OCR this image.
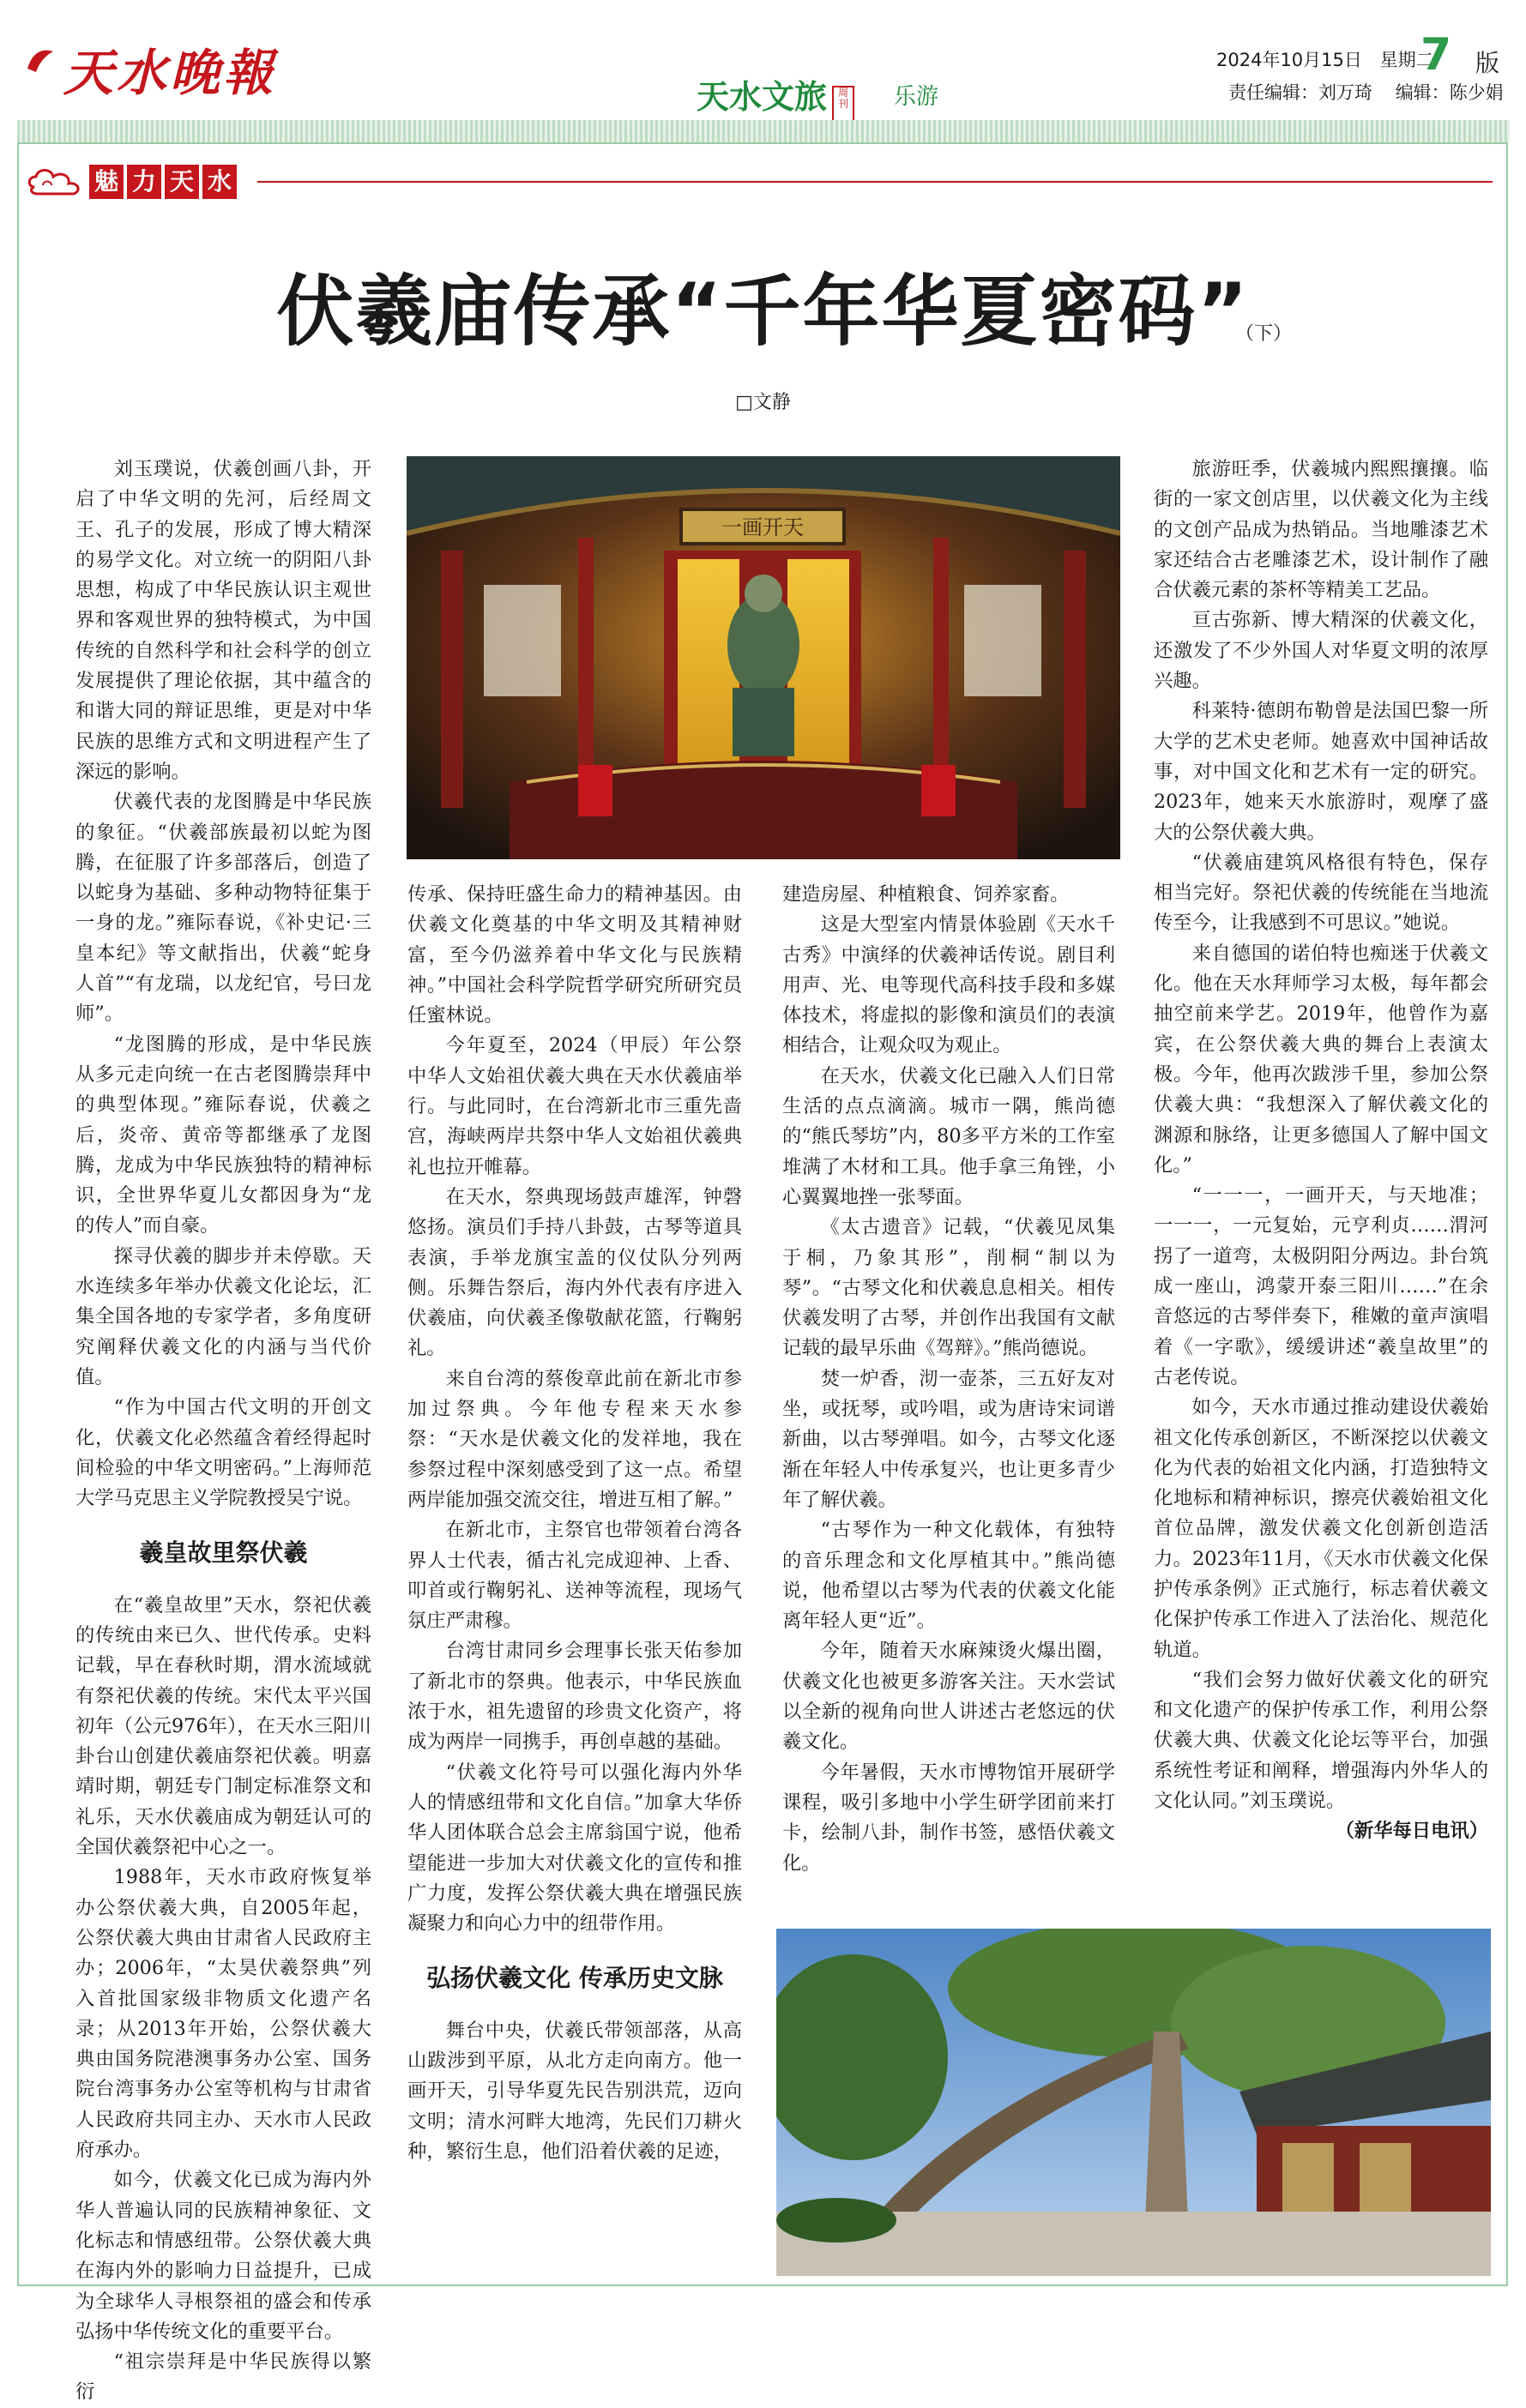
天水晚報	天水文旅 周刊 乐游
2024年10月15日 星期二
7 版
责任编辑：刘万琦 编辑：陈少娟
魅 力 天 水
伏羲庙传承“千年华夏密码”
（下）
□文静
一画开天

刘玉璞说，伏羲创画八卦，开启了中华文明的先河，后经周文王、孔子的发展，形成了博大精深的易学文化。对立统一的阴阳八卦思想，构成了中华民族认识主观世界和客观世界的独特模式，为中国传统的自然科学和社会科学的创立发展提供了理论依据，其中蕴含的和谐大同的辩证思维，更是对中华民族的思维方式和文明进程产生了深远的影响。

伏羲代表的龙图腾是中华民族的象征。“伏羲部族最初以蛇为图腾，在征服了许多部落后，创造了以蛇身为基础、多种动物特征集于一身的龙。”雍际春说，《补史记·三皇本纪》等文献指出，伏羲“蛇身人首”“有龙瑞，以龙纪官，号曰龙师”。

“龙图腾的形成，是中华民族从多元走向统一在古老图腾崇拜中的典型体现。”雍际春说，伏羲之后，炎帝、黄帝等都继承了龙图腾，龙成为中华民族独特的精神标识，全世界华夏儿女都因身为“龙的传人”而自豪。

探寻伏羲的脚步并未停歇。天水连续多年举办伏羲文化论坛，汇集全国各地的专家学者，多角度研究阐释伏羲文化的内涵与当代价值。

“作为中国古代文明的开创文化，伏羲文化必然蕴含着经得起时间检验的中华文明密码。”上海师范大学马克思主义学院教授吴宁说。

羲皇故里祭伏羲

在“羲皇故里”天水，祭祀伏羲的传统由来已久、世代传承。史料记载，早在春秋时期，渭水流域就有祭祀伏羲的传统。宋代太平兴国初年（公元976年），在天水三阳川卦台山创建伏羲庙祭祀伏羲。明嘉靖时期，朝廷专门制定标准祭文和礼乐，天水伏羲庙成为朝廷认可的全国伏羲祭祀中心之一。

1988年，天水市政府恢复举办公祭伏羲大典，自2005年起，公祭伏羲大典由甘肃省人民政府主办；2006年，“太昊伏羲祭典”列入首批国家级非物质文化遗产名录；从2013年开始，公祭伏羲大典由国务院港澳事务办公室、国务院台湾事务办公室等机构与甘肃省人民政府共同主办、天水市人民政府承办。

如今，伏羲文化已成为海内外华人普遍认同的民族精神象征、文化标志和情感纽带。公祭伏羲大典在海内外的影响力日益提升，已成为全球华人寻根祭祖的盛会和传承弘扬中华传统文化的重要平台。

“祖宗崇拜是中华民族得以繁衍

传承、保持旺盛生命力的精神基因。由伏羲文化奠基的中华文明及其精神财富，至今仍滋养着中华文化与民族精神。”中国社会科学院哲学研究所研究员任蜜林说。

今年夏至，2024（甲辰）年公祭中华人文始祖伏羲大典在天水伏羲庙举行。与此同时，在台湾新北市三重先啬宫，海峡两岸共祭中华人文始祖伏羲典礼也拉开帷幕。

在天水，祭典现场鼓声雄浑，钟磬悠扬。演员们手持八卦鼓，古琴等道具表演，手举龙旗宝盖的仪仗队分列两侧。乐舞告祭后，海内外代表有序进入伏羲庙，向伏羲圣像敬献花篮，行鞠躬礼。

来自台湾的蔡俊章此前在新北市参加过祭典。今年他专程来天水参祭：“天水是伏羲文化的发祥地，我在参祭过程中深刻感受到了这一点。希望两岸能加强交流交往，增进互相了解。”

在新北市，主祭官也带领着台湾各界人士代表，循古礼完成迎神、上香、叩首或行鞠躬礼、送神等流程，现场气氛庄严肃穆。

台湾甘肃同乡会理事长张天佑参加了新北市的祭典。他表示，中华民族血浓于水，祖先遗留的珍贵文化资产，将成为两岸一同携手，再创卓越的基础。

“伏羲文化符号可以强化海内外华人的情感纽带和文化自信。”加拿大华侨华人团体联合总会主席翁国宁说，他希望能进一步加大对伏羲文化的宣传和推广力度，发挥公祭伏羲大典在增强民族凝聚力和向心力中的纽带作用。

弘扬伏羲文化 传承历史文脉

舞台中央，伏羲氏带领部落，从高山跋涉到平原，从北方走向南方。他一画开天，引导华夏先民告别洪荒，迈向文明；清水河畔大地湾，先民们刀耕火种，繁衍生息，他们沿着伏羲的足迹，

建造房屋、种植粮食、饲养家畜。

这是大型室内情景体验剧《天水千古秀》中演绎的伏羲神话传说。剧目利用声、光、电等现代高科技手段和多媒体技术，将虚拟的影像和演员们的表演相结合，让观众叹为观止。

在天水，伏羲文化已融入人们日常生活的点点滴滴。城市一隅，熊尚德的“熊氏琴坊”内，80多平方米的工作室堆满了木材和工具。他手拿三角锉，小心翼翼地挫一张琴面。

《太古遗音》记载，“伏羲见凤集于桐，乃象其形”，削桐“制以为琴”。“古琴文化和伏羲息息相关。相传伏羲发明了古琴，并创作出我国有文献记载的最早乐曲《驾辩》。”熊尚德说。

焚一炉香，沏一壶茶，三五好友对坐，或抚琴，或吟唱，或为唐诗宋词谱新曲，以古琴弹唱。如今，古琴文化逐渐在年轻人中传承复兴，也让更多青少年了解伏羲。

“古琴作为一种文化载体，有独特的音乐理念和文化厚植其中。”熊尚德说，他希望以古琴为代表的伏羲文化能离年轻人更“近”。

今年，随着天水麻辣烫火爆出圈，伏羲文化也被更多游客关注。天水尝试以全新的视角向世人讲述古老悠远的伏羲文化。

今年暑假，天水市博物馆开展研学课程，吸引多地中小学生研学团前来打卡，绘制八卦，制作书签，感悟伏羲文化。

旅游旺季，伏羲城内熙熙攘攘。临街的一家文创店里，以伏羲文化为主线的文创产品成为热销品。当地雕漆艺术家还结合古老雕漆艺术，设计制作了融合伏羲元素的茶杯等精美工艺品。

亘古弥新、博大精深的伏羲文化，还激发了不少外国人对华夏文明的浓厚兴趣。

科莱特·德朗布勒曾是法国巴黎一所大学的艺术史老师。她喜欢中国神话故事，对中国文化和艺术有一定的研究。2023年，她来天水旅游时，观摩了盛大的公祭伏羲大典。

“伏羲庙建筑风格很有特色，保存相当完好。祭祀伏羲的传统能在当地流传至今，让我感到不可思议。”她说。

来自德国的诺伯特也痴迷于伏羲文化。他在天水拜师学习太极，每年都会抽空前来学艺。2019年，他曾作为嘉宾，在公祭伏羲大典的舞台上表演太极。今年，他再次跋涉千里，参加公祭伏羲大典：“我想深入了解伏羲文化的渊源和脉络，让更多德国人了解中国文化。”

“一一一，一画开天，与天地准；一一一，一元复始，元亨利贞……渭河拐了一道弯，太极阴阳分两边。卦台筑成一座山，鸿蒙开泰三阳川……”在余音悠远的古琴伴奏下，稚嫩的童声演唱着《一字歌》，缓缓讲述“羲皇故里”的古老传说。

如今，天水市通过推动建设伏羲始祖文化传承创新区，不断深挖以伏羲文化为代表的始祖文化内涵，打造独特文化地标和精神标识，擦亮伏羲始祖文化首位品牌，激发伏羲文化创新创造活力。2023年11月，《天水市伏羲文化保护传承条例》正式施行，标志着伏羲文化保护传承工作进入了法治化、规范化轨道。

“我们会努力做好伏羲文化的研究和文化遗产的保护传承工作，利用公祭伏羲大典、伏羲文化论坛等平台，加强系统性考证和阐释，增强海内外华人的文化认同。”刘玉璞说。

（新华每日电讯）
